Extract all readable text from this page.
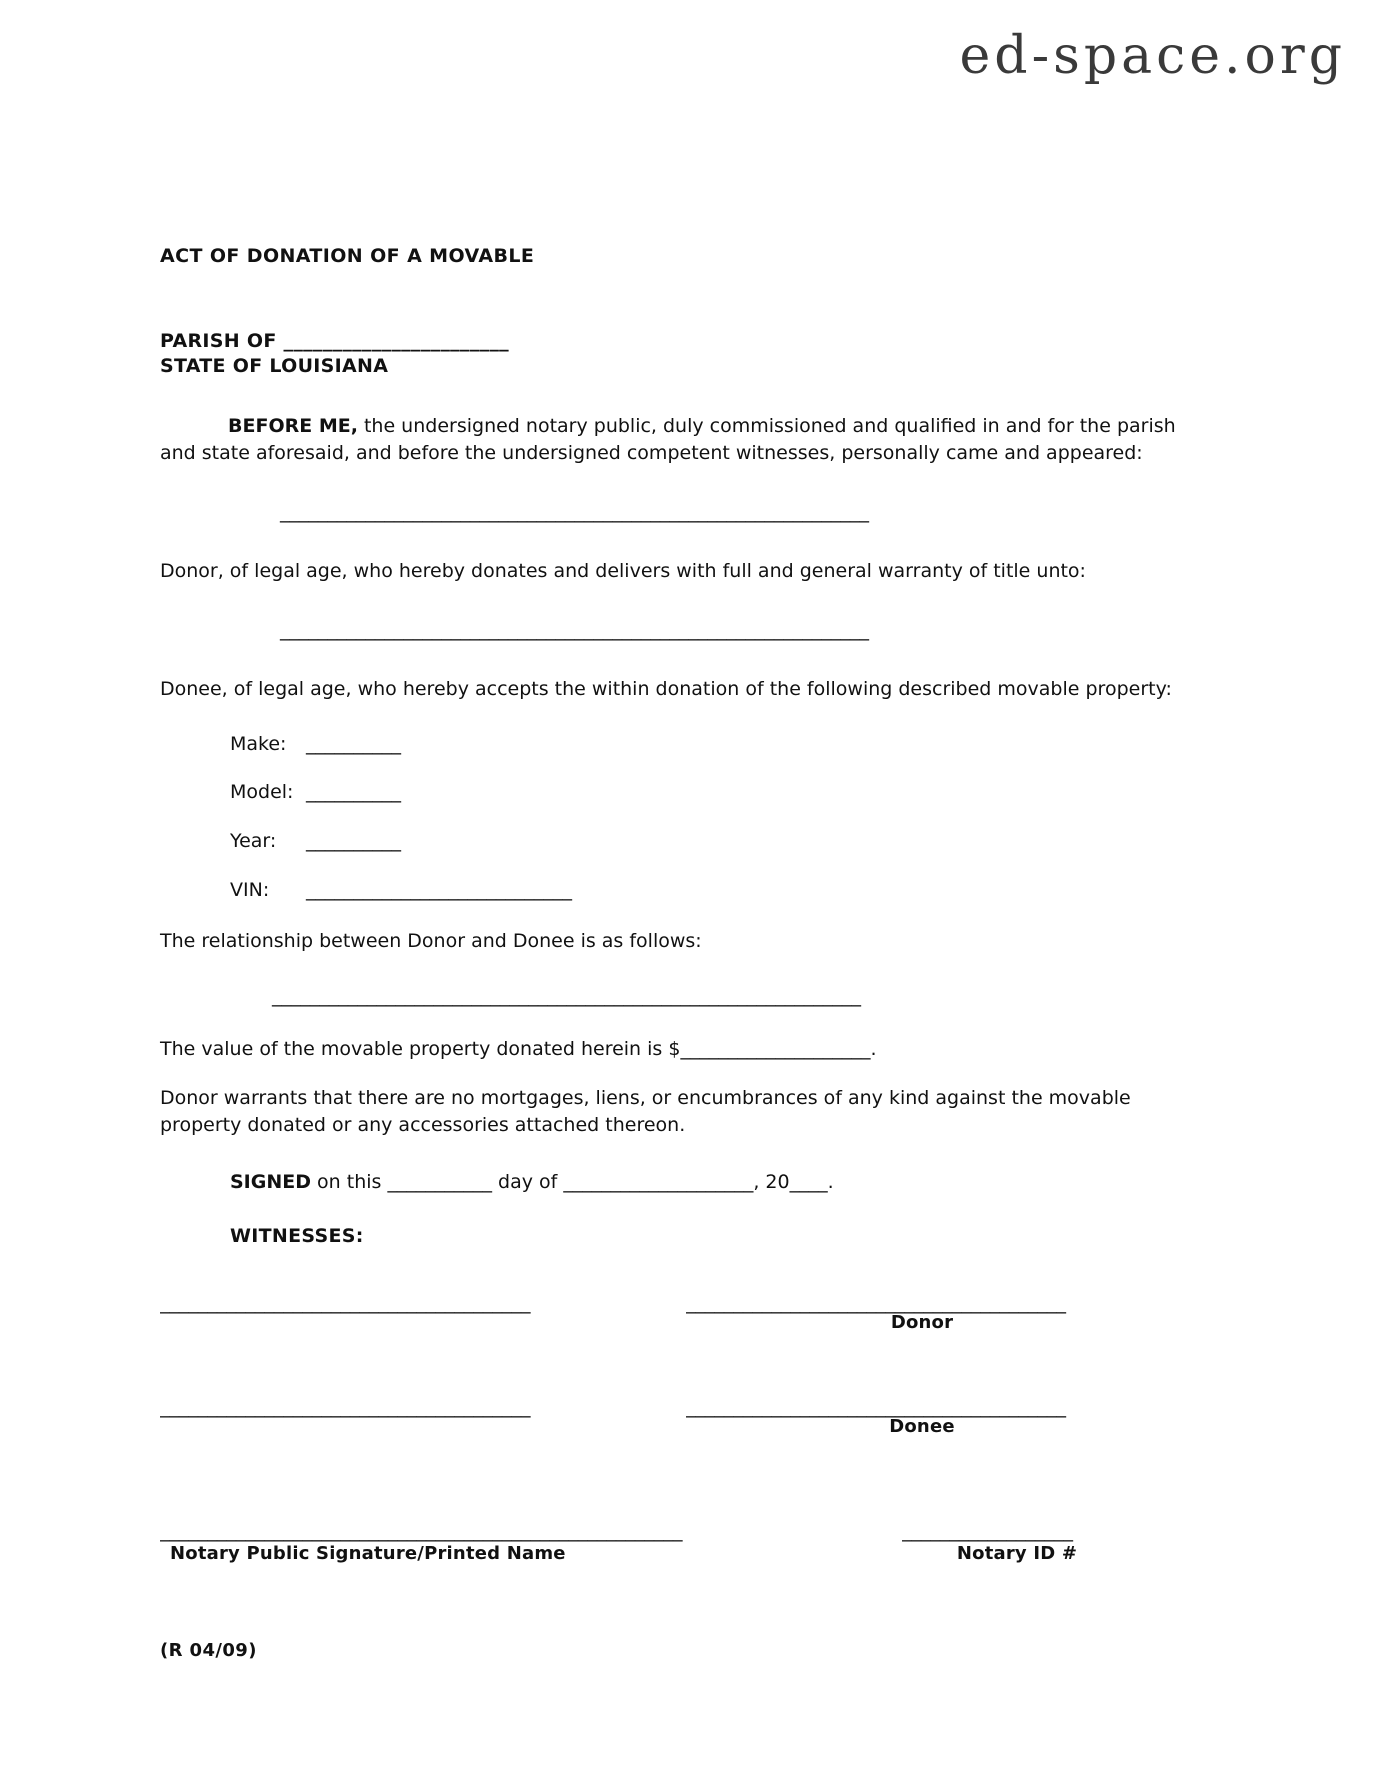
ed-space.org
ACT OF DONATION OF A MOVABLE
PARISH OF _______________________
STATE OF LOUISIANA

BEFORE ME, the undersigned notary public, duly commissioned and qualified in and for the parish and state aforesaid, and before the undersigned competent witnesses, personally came and appeared:

______________________________________________________________

Donor, of legal age, who hereby donates and delivers with full and general warranty of title unto:

______________________________________________________________

Donee, of legal age, who hereby accepts the within donation of the following described movable property:

Make: __________
Model: __________
Year: __________
VIN: ____________________________

The relationship between Donor and Donee is as follows:

______________________________________________________________

The value of the movable property donated herein is $____________________.

Donor warrants that there are no mortgages, liens, or encumbrances of any kind against the movable property donated or any accessories attached thereon.

SIGNED on this ___________ day of ____________________, 20____.
WITNESSES:
_______________________________________	________________________________________
Donor
_______________________________________	________________________________________
Donee
_______________________________________________________
Notary Public Signature/Printed Name
__________________
Notary ID #
(R 04/09)
